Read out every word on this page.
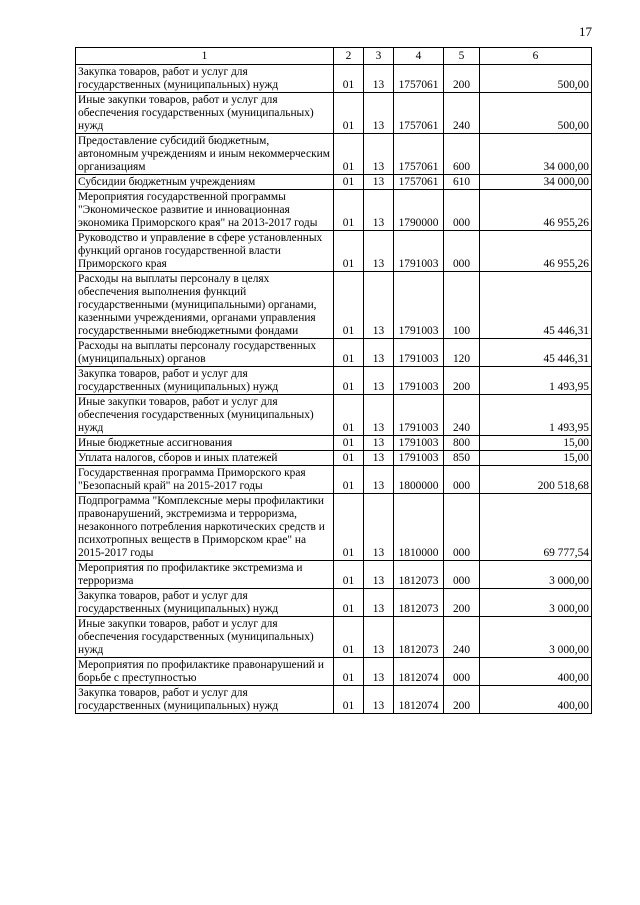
17
1	2	3	4	5	6
Закупка товаров, работ и услуг для государственных (муниципальных) нужд	01	13	1757061	200	500,00
Иные закупки товаров, работ и услуг для обеспечения государственных (муниципальных) нужд	01	13	1757061	240	500,00
Предоставление субсидий бюджетным, автономным учреждениям и иным некоммерческим организациям	01	13	1757061	600	34 000,00
Субсидии бюджетным учреждениям	01	13	1757061	610	34 000,00
Мероприятия государственной программы "Экономическое развитие и инновационная экономика Приморского края" на 2013-2017 годы	01	13	1790000	000	46 955,26
Руководство и управление в сфере установленных функций органов государственной власти Приморского края	01	13	1791003	000	46 955,26
Расходы на выплаты персоналу в целях обеспечения выполнения функций государственными (муниципальными) органами, казенными учреждениями, органами управления государственными внебюджетными фондами	01	13	1791003	100	45 446,31
Расходы на выплаты персоналу государственных (муниципальных) органов	01	13	1791003	120	45 446,31
Закупка товаров, работ и услуг для государственных (муниципальных) нужд	01	13	1791003	200	1 493,95
Иные закупки товаров, работ и услуг для обеспечения государственных (муниципальных) нужд	01	13	1791003	240	1 493,95
Иные бюджетные ассигнования	01	13	1791003	800	15,00
Уплата налогов, сборов и иных платежей	01	13	1791003	850	15,00
Государственная программа Приморского края "Безопасный край" на 2015-2017 годы	01	13	1800000	000	200 518,68
Подпрограмма "Комплексные меры профилактики правонарушений, экстремизма и терроризма, незаконного потребления наркотических средств и психотропных веществ в Приморском крае" на 2015-2017 годы	01	13	1810000	000	69 777,54
Мероприятия по профилактике экстремизма и терроризма	01	13	1812073	000	3 000,00
Закупка товаров, работ и услуг для государственных (муниципальных) нужд	01	13	1812073	200	3 000,00
Иные закупки товаров, работ и услуг для обеспечения государственных (муниципальных) нужд	01	13	1812073	240	3 000,00
Мероприятия по профилактике правонарушений и борьбе с преступностью	01	13	1812074	000	400,00
Закупка товаров, работ и услуг для государственных (муниципальных) нужд	01	13	1812074	200	400,00
